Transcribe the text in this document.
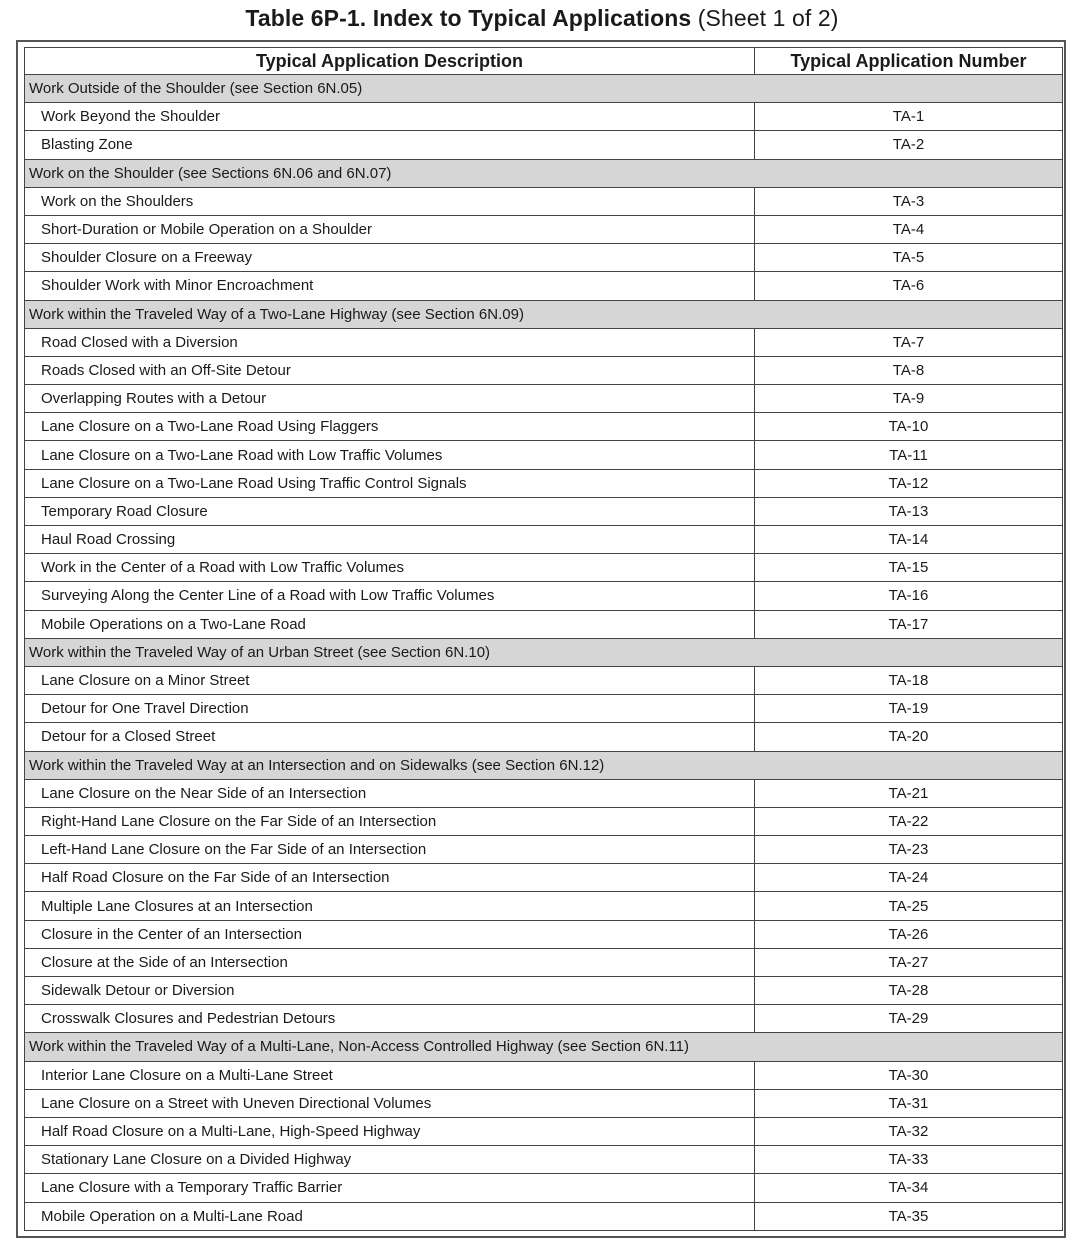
Table 6P-1. Index to Typical Applications (Sheet 1 of 2)
Typical Application Description	Typical Application Number
Work Outside of the Shoulder (see Section 6N.05)	
Work Beyond the Shoulder	TA-1
Blasting Zone	TA-2
Work on the Shoulder (see Sections 6N.06 and 6N.07)	
Work on the Shoulders	TA-3
Short-Duration or Mobile Operation on a Shoulder	TA-4
Shoulder Closure on a Freeway	TA-5
Shoulder Work with Minor Encroachment	TA-6
Work within the Traveled Way of a Two-Lane Highway (see Section 6N.09)	
Road Closed with a Diversion	TA-7
Roads Closed with an Off-Site Detour	TA-8
Overlapping Routes with a Detour	TA-9
Lane Closure on a Two-Lane Road Using Flaggers	TA-10
Lane Closure on a Two-Lane Road with Low Traffic Volumes	TA-11
Lane Closure on a Two-Lane Road Using Traffic Control Signals	TA-12
Temporary Road Closure	TA-13
Haul Road Crossing	TA-14
Work in the Center of a Road with Low Traffic Volumes	TA-15
Surveying Along the Center Line of a Road with Low Traffic Volumes	TA-16
Mobile Operations on a Two-Lane Road	TA-17
Work within the Traveled Way of an Urban Street (see Section 6N.10)	
Lane Closure on a Minor Street	TA-18
Detour for One Travel Direction	TA-19
Detour for a Closed Street	TA-20
Work within the Traveled Way at an Intersection and on Sidewalks (see Section 6N.12)	
Lane Closure on the Near Side of an Intersection	TA-21
Right-Hand Lane Closure on the Far Side of an Intersection	TA-22
Left-Hand Lane Closure on the Far Side of an Intersection	TA-23
Half Road Closure on the Far Side of an Intersection	TA-24
Multiple Lane Closures at an Intersection	TA-25
Closure in the Center of an Intersection	TA-26
Closure at the Side of an Intersection	TA-27
Sidewalk Detour or Diversion	TA-28
Crosswalk Closures and Pedestrian Detours	TA-29
Work within the Traveled Way of a Multi-Lane, Non-Access Controlled Highway (see Section 6N.11)	
Interior Lane Closure on a Multi-Lane Street	TA-30
Lane Closure on a Street with Uneven Directional Volumes	TA-31
Half Road Closure on a Multi-Lane, High-Speed Highway	TA-32
Stationary Lane Closure on a Divided Highway	TA-33
Lane Closure with a Temporary Traffic Barrier	TA-34
Mobile Operation on a Multi-Lane Road	TA-35
